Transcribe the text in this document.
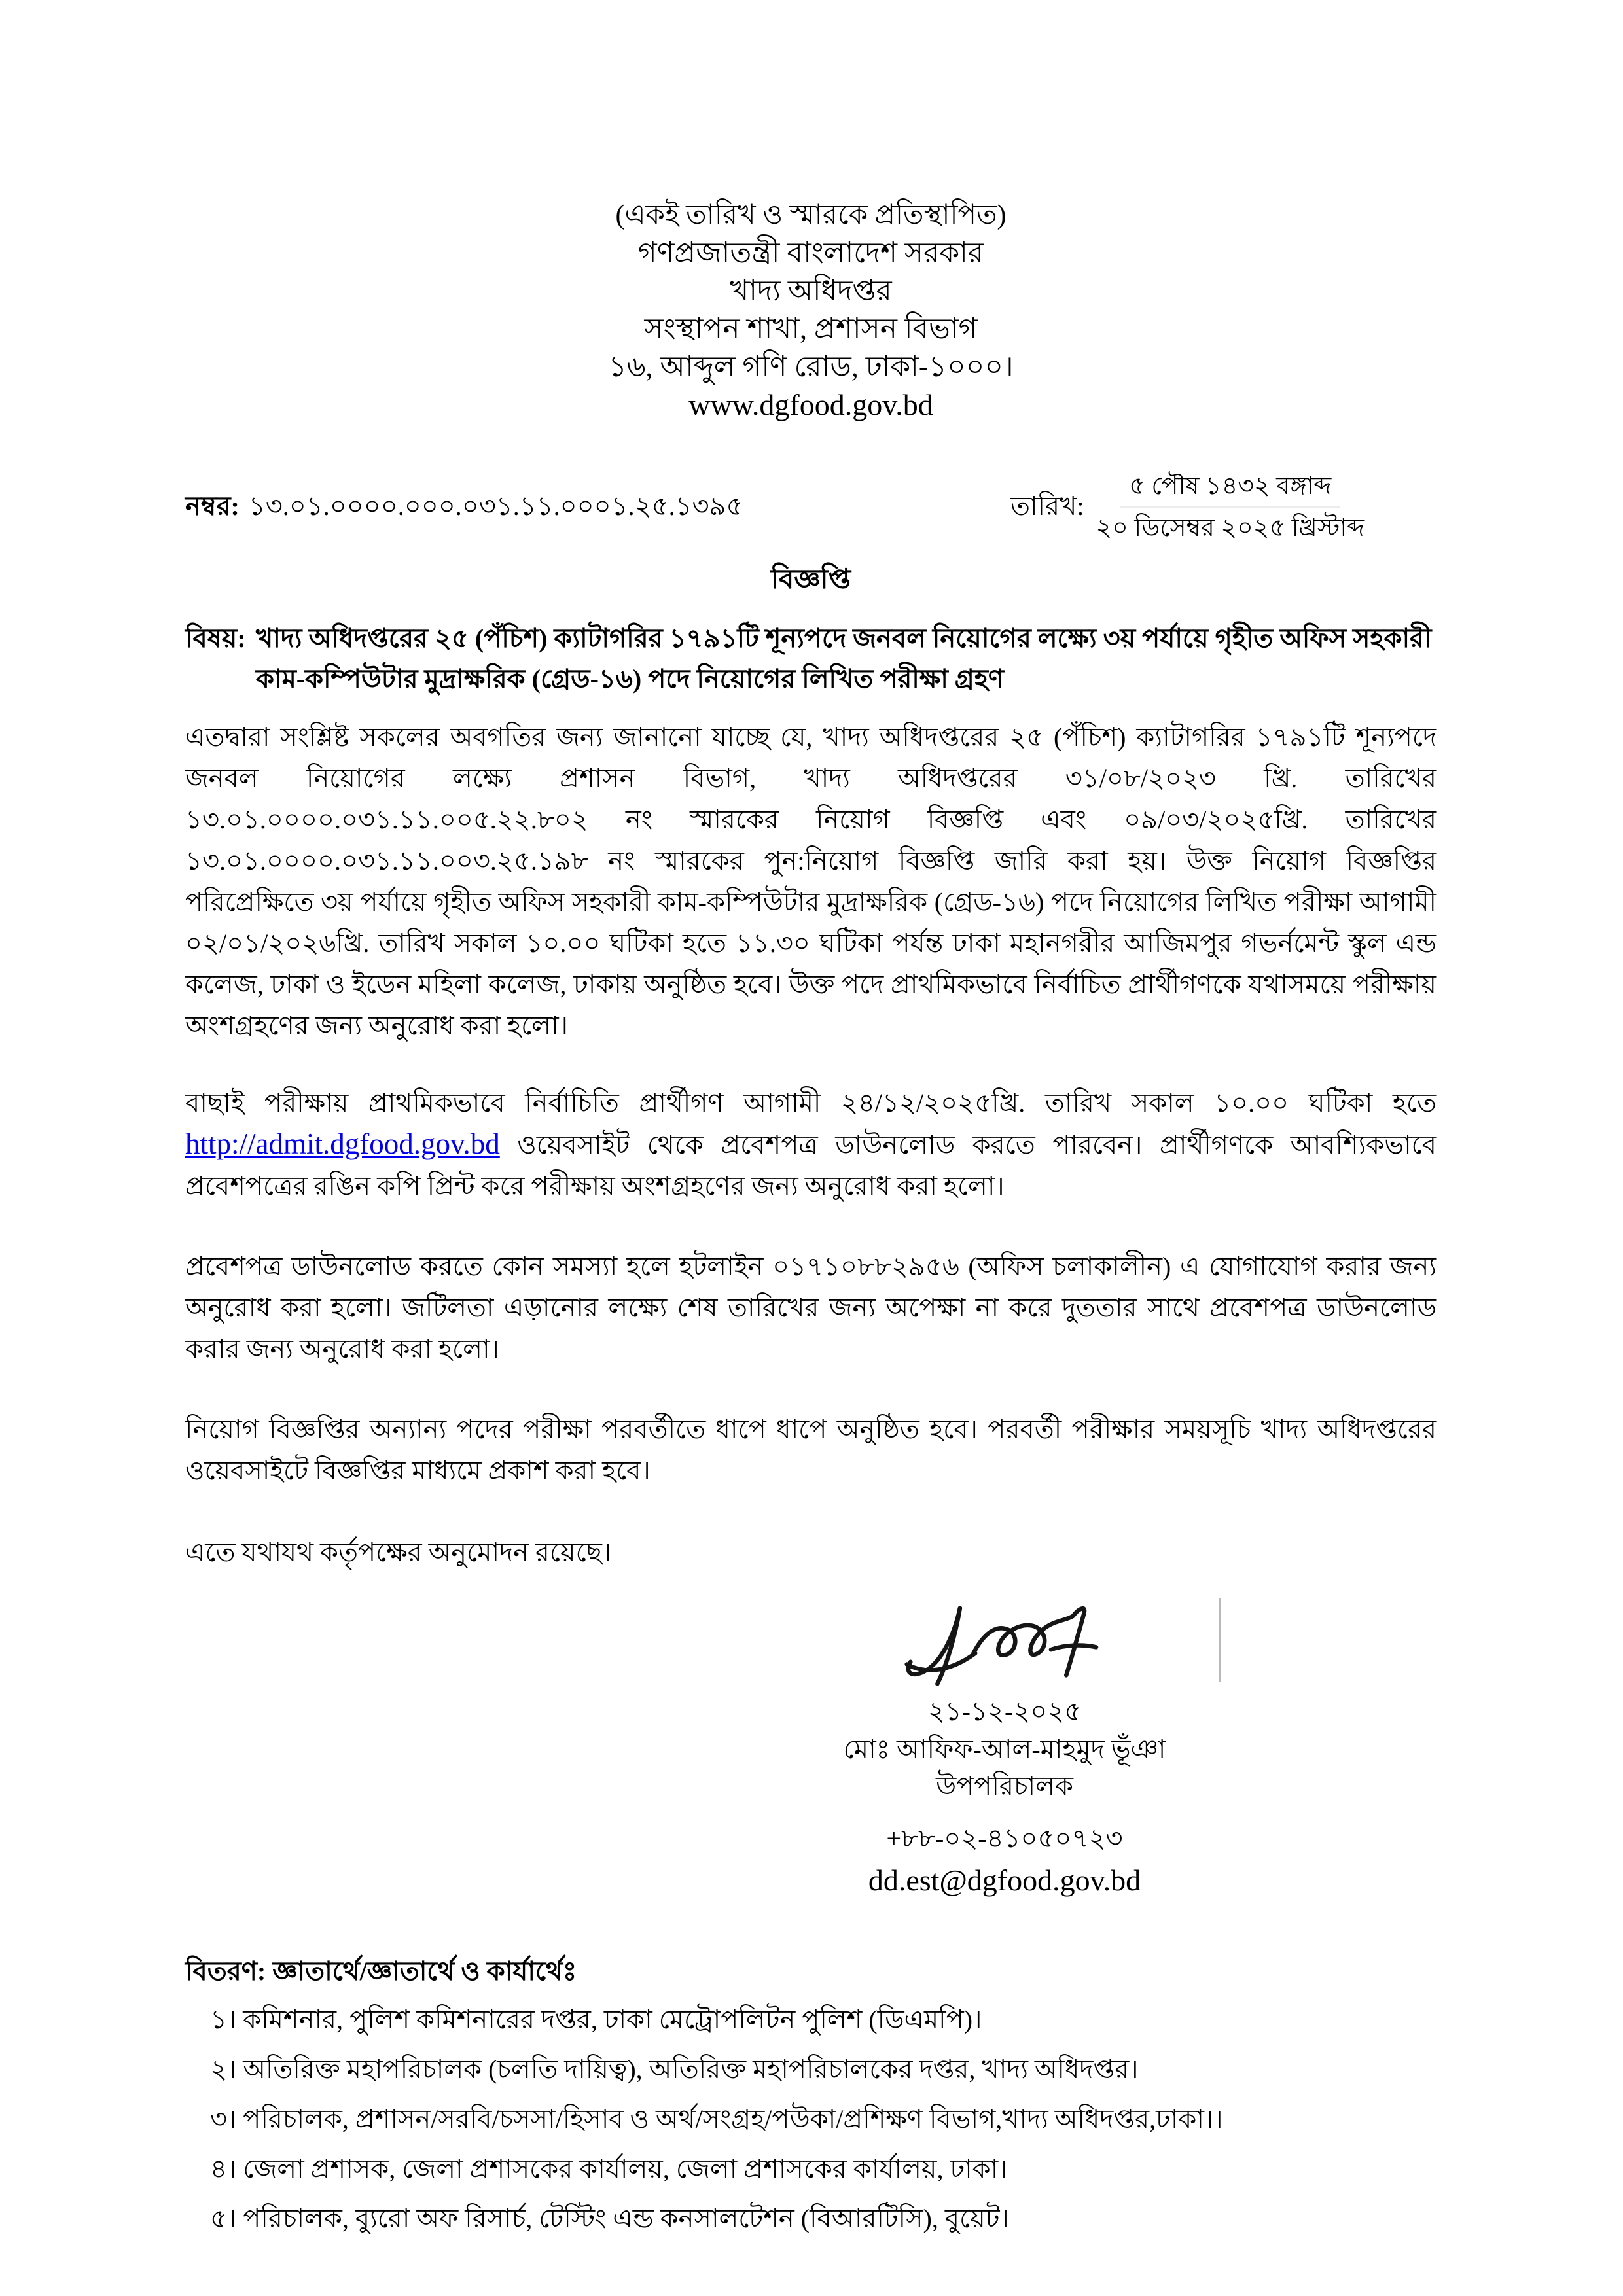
(একই তারিখ ও স্মারকে প্রতিস্থাপিত)
গণপ্রজাতন্ত্রী বাংলাদেশ সরকার
খাদ্য অধিদপ্তর
সংস্থাপন শাখা, প্রশাসন বিভাগ
১৬, আব্দুল গণি রোড, ঢাকা-১০০০।
www.dgfood.gov.bd
নম্বর: ১৩.০১.০০০০.০০০.০৩১.১১.০০০১.২৫.১৩৯৫	তারিখ:
৫ পৌষ ১৪৩২ বঙ্গাব্দ
২০ ডিসেম্বর ২০২৫ খ্রিস্টাব্দ
বিজ্ঞপ্তি
বিষয়: খাদ্য অধিদপ্তরের ২৫ (পঁচিশ) ক্যাটাগরির ১৭৯১টি শূন্যপদে জনবল নিয়োগের লক্ষ্যে ৩য় পর্যায়ে গৃহীত অফিস সহকারী কাম-কম্পিউটার মুদ্রাক্ষরিক (গ্রেড-১৬) পদে নিয়োগের লিখিত পরীক্ষা গ্রহণ
এতদ্বারা সংশ্লিষ্ট সকলের অবগতির জন্য জানানো যাচ্ছে যে, খাদ্য অধিদপ্তরের ২৫ (পঁচিশ) ক্যাটাগরির ১৭৯১টি শূন্যপদে জনবল নিয়োগের লক্ষ্যে প্রশাসন বিভাগ, খাদ্য অধিদপ্তরের ৩১/০৮/২০২৩ খ্রি. তারিখের ১৩.০১.০০০০.০৩১.১১.০০৫.২২.৮০২ নং স্মারকের নিয়োগ বিজ্ঞপ্তি এবং ০৯/০৩/২০২৫খ্রি. তারিখের ১৩.০১.০০০০.০৩১.১১.০০৩.২৫.১৯৮ নং স্মারকের পুন:নিয়োগ বিজ্ঞপ্তি জারি করা হয়। উক্ত নিয়োগ বিজ্ঞপ্তির পরিপ্রেক্ষিতে ৩য় পর্যায়ে গৃহীত অফিস সহকারী কাম-কম্পিউটার মুদ্রাক্ষরিক (গ্রেড-১৬) পদে নিয়োগের লিখিত পরীক্ষা আগামী ০২/০১/২০২৬খ্রি. তারিখ সকাল ১০.০০ ঘটিকা হতে ১১.৩০ ঘটিকা পর্যন্ত ঢাকা মহানগরীর আজিমপুর গভর্নমেন্ট স্কুল এন্ড কলেজ, ঢাকা ও ইডেন মহিলা কলেজ, ঢাকায় অনুষ্ঠিত হবে। উক্ত পদে প্রাথমিকভাবে নির্বাচিত প্রার্থীগণকে যথাসময়ে পরীক্ষায় অংশগ্রহণের জন্য অনুরোধ করা হলো।
বাছাই পরীক্ষায় প্রাথমিকভাবে নির্বাচিতি প্রার্থীগণ আগামী ২৪/১২/২০২৫খ্রি. তারিখ সকাল ১০.০০ ঘটিকা হতে
http://admit.dgfood.gov.bd ওয়েবসাইট থেকে প্রবেশপত্র ডাউনলোড করতে পারবেন। প্রার্থীগণকে আবশ্যিকভাবে প্রবেশপত্রের রঙিন কপি প্রিন্ট করে পরীক্ষায় অংশগ্রহণের জন্য অনুরোধ করা হলো।
প্রবেশপত্র ডাউনলোড করতে কোন সমস্যা হলে হটলাইন ০১৭১০৮৮২৯৫৬ (অফিস চলাকালীন) এ যোগাযোগ করার জন্য অনুরোধ করা হলো। জটিলতা এড়ানোর লক্ষ্যে শেষ তারিখের জন্য অপেক্ষা না করে দুততার সাথে প্রবেশপত্র ডাউনলোড করার জন্য অনুরোধ করা হলো।
নিয়োগ বিজ্ঞপ্তির অন্যান্য পদের পরীক্ষা পরবর্তীতে ধাপে ধাপে অনুষ্ঠিত হবে। পরবর্তী পরীক্ষার সময়সূচি খাদ্য অধিদপ্তরের ওয়েবসাইটে বিজ্ঞপ্তির মাধ্যমে প্রকাশ করা হবে।
এতে যথাযথ কর্তৃপক্ষের অনুমোদন রয়েছে।
২১-১২-২০২৫
মোঃ আফিফ-আল-মাহমুদ ভূঁঞা
উপপরিচালক
+৮৮-০২-৪১০৫০৭২৩
dd.est@dgfood.gov.bd
বিতরণ: জ্ঞাতার্থে/জ্ঞাতার্থে ও কার্যার্থেঃ
১। কমিশনার, পুলিশ কমিশনারের দপ্তর, ঢাকা মেট্রোপলিটন পুলিশ (ডিএমপি)।
২। অতিরিক্ত মহাপরিচালক (চলতি দায়িত্ব), অতিরিক্ত মহাপরিচালকের দপ্তর, খাদ্য অধিদপ্তর।
৩। পরিচালক, প্রশাসন/সরবি/চসসা/হিসাব ও অর্থ/সংগ্রহ/পউকা/প্রশিক্ষণ বিভাগ,খাদ্য অধিদপ্তর,ঢাকা।।
৪। জেলা প্রশাসক, জেলা প্রশাসকের কার্যালয়, জেলা প্রশাসকের কার্যালয়, ঢাকা।
৫। পরিচালক, ব্যুরো অফ রিসার্চ, টেস্টিং এন্ড কনসালটেশন (বিআরটিসি), বুয়েট।
